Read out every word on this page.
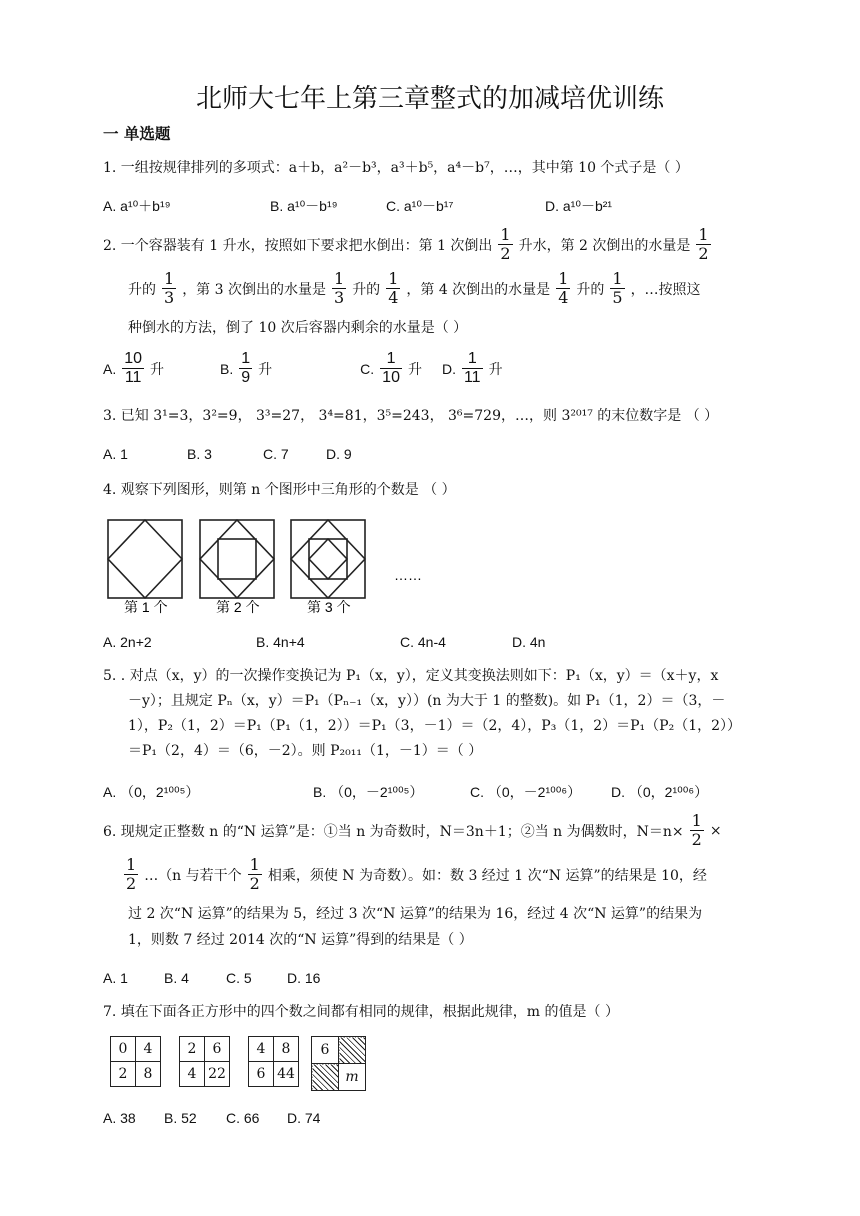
北师大七年上第三章整式的加减培优训练
一 单选题
1. 一组按规律排列的多项式：a＋b，a²－b³，a³＋b⁵，a⁴－b⁷，…，其中第 10 个式子是（ ）
A. a¹⁰＋b¹⁹	B. a¹⁰－b¹⁹	C. a¹⁰－b¹⁷	D. a¹⁰－b²¹
2. 一个容器装有 1 升水，按照如下要求把水倒出：第 1 次倒出 $\frac{1}{2}$ 升水，第 2 次倒出的水量是 $\frac{1}{2}$
升的 $\frac{1}{3}$ ，第 3 次倒出的水量是 $\frac{1}{3}$ 升的 $\frac{1}{4}$ ，第 4 次倒出的水量是 $\frac{1}{4}$ 升的 $\frac{1}{5}$ ，…按照这
种倒水的方法，倒了 10 次后容器内剩余的水量是（ ）
A. $\frac{10}{11}$ 升	B. $\frac{1}{9}$ 升	C. $\frac{1}{10}$ 升 D. $\frac{1}{11}$ 升
3. 已知 3¹=3，3²=9， 3³=27， 3⁴=81，3⁵=243， 3⁶=729，…，则 3²⁰¹⁷ 的末位数字是 （ ）
A. 1	B. 3	C. 7	D. 9
4. 观察下列图形，则第 n 个图形中三角形的个数是 （ ）
第 1 个	第 2 个	第 3 个
……
A. 2n+2	B. 4n+4	C. 4n-4	D. 4n
5. . 对点（x，y）的一次操作变换记为 P₁（x，y），定义其变换法则如下：P₁（x，y）＝（x＋y，x
－y）；且规定 Pₙ（x，y）＝P₁（Pₙ₋₁（x，y））(n 为大于 1 的整数)。如 P₁（1，2）＝（3，－
1），P₂（1，2）＝P₁（P₁（1，2））＝P₁（3，－1）＝（2，4），P₃（1，2）＝P₁（P₂（1，2））
＝P₁（2，4）＝（6，－2）。则 P₂₀₁₁（1，－1）＝（ ）
A. （0，2¹⁰⁰⁵）	B. （0，－2¹⁰⁰⁵）	C. （0，－2¹⁰⁰⁶） D. （0，2¹⁰⁰⁶）
6. 现规定正整数 n 的“N 运算”是：①当 n 为奇数时，N＝3n＋1；②当 n 为偶数时，$N=n\times \frac{1}{2}$ ×
$\frac{1}{2}$ …（n 与若干个 $\frac{1}{2}$ 相乘，须使 N 为奇数）。如：数 3 经过 1 次“N 运算”的结果是 10，经
过 2 次“N 运算”的结果为 5，经过 3 次“N 运算”的结果为 16，经过 4 次“N 运算”的结果为
1，则数 7 经过 2014 次的“N 运算”得到的结果是（ ）
A. 1	B. 4	C. 5	D. 16
7. 填在下面各正方形中的四个数之间都有相同的规律，根据此规律，m 的值是（ ）
0	4
2	8
2	6
4	22
4	8
6	44
6	
	m
A. 38 B. 52 C. 66 D. 74
